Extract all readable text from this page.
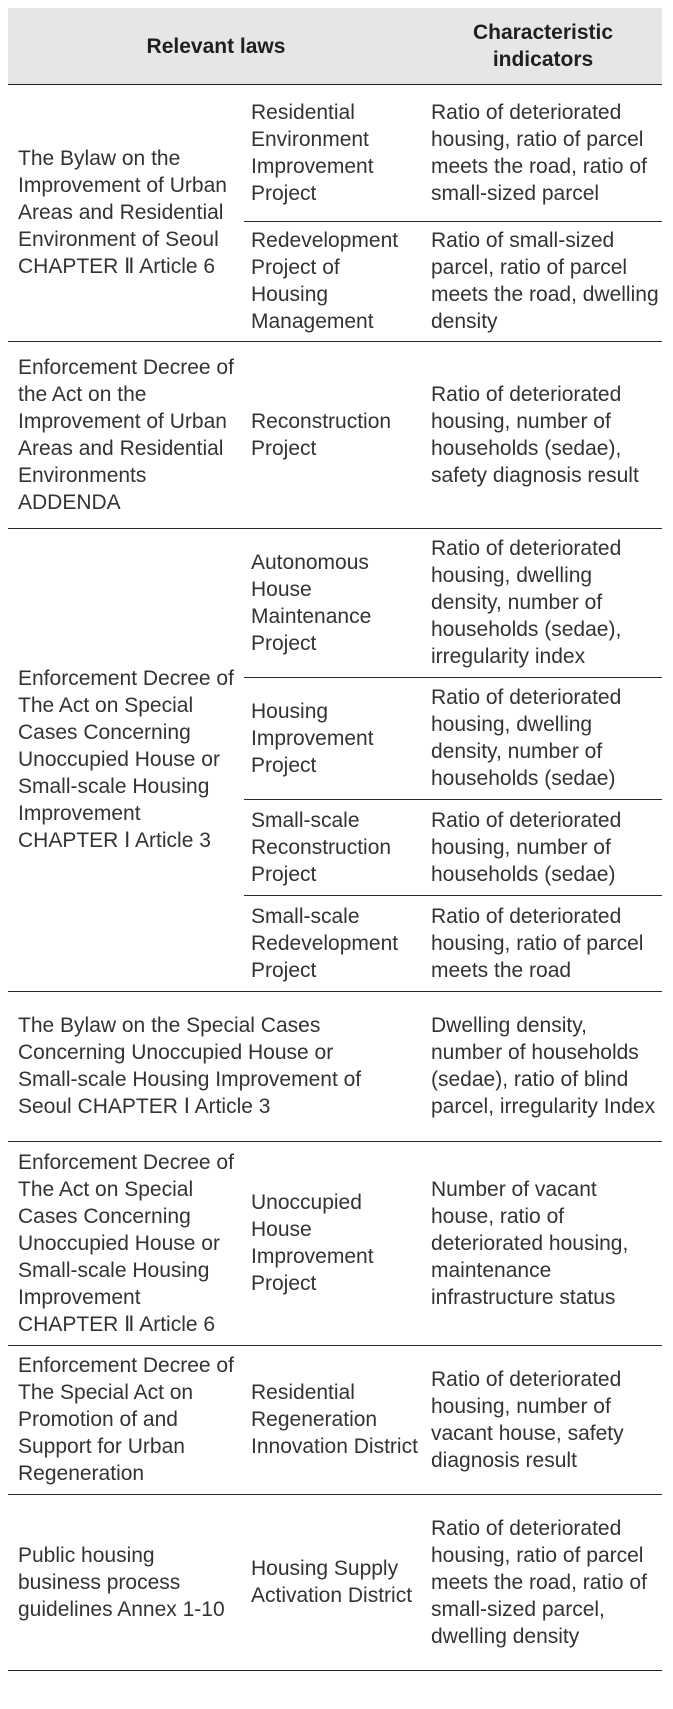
Relevant laws		Characteristic indicators
The Bylaw on the Improvement of Urban Areas and Residential Environment of Seoul CHAPTER Ⅱ Article 6	Residential Environment Improvement Project	Ratio of deteriorated housing, ratio of parcel meets the road, ratio of small-sized parcel
	Redevelopment Project of Housing Management	Ratio of small-sized parcel, ratio of parcel meets the road, dwelling density
Enforcement Decree of the Act on the Improvement of Urban Areas and Residential Environments ADDENDA	Reconstruction Project	Ratio of deteriorated housing, number of households (sedae), safety diagnosis result
Enforcement Decree of The Act on Special Cases Concerning Unoccupied House or Small-scale Housing Improvement CHAPTER Ⅰ Article 3	Autonomous House Maintenance Project	Ratio of deteriorated housing, dwelling density, number of households (sedae), irregularity index
	Housing Improvement Project	Ratio of deteriorated housing, dwelling density, number of households (sedae)
	Small-scale Reconstruction Project	Ratio of deteriorated housing, number of households (sedae)
	Small-scale Redevelopment Project	Ratio of deteriorated housing, ratio of parcel meets the road
The Bylaw on the Special Cases Concerning Unoccupied House or Small-scale Housing Improvement of Seoul CHAPTER Ⅰ Article 3		Dwelling density, number of households (sedae), ratio of blind parcel, irregularity Index
Enforcement Decree of The Act on Special Cases Concerning Unoccupied House or Small-scale Housing Improvement CHAPTER Ⅱ Article 6	Unoccupied House Improvement Project	Number of vacant house, ratio of deteriorated housing, maintenance infrastructure status
Enforcement Decree of The Special Act on Promotion of and Support for Urban Regeneration	Residential Regeneration Innovation District	Ratio of deteriorated housing, number of vacant house, safety diagnosis result
Public housing business process guidelines Annex 1-10	Housing Supply Activation District	Ratio of deteriorated housing, ratio of parcel meets the road, ratio of small-sized parcel, dwelling density
